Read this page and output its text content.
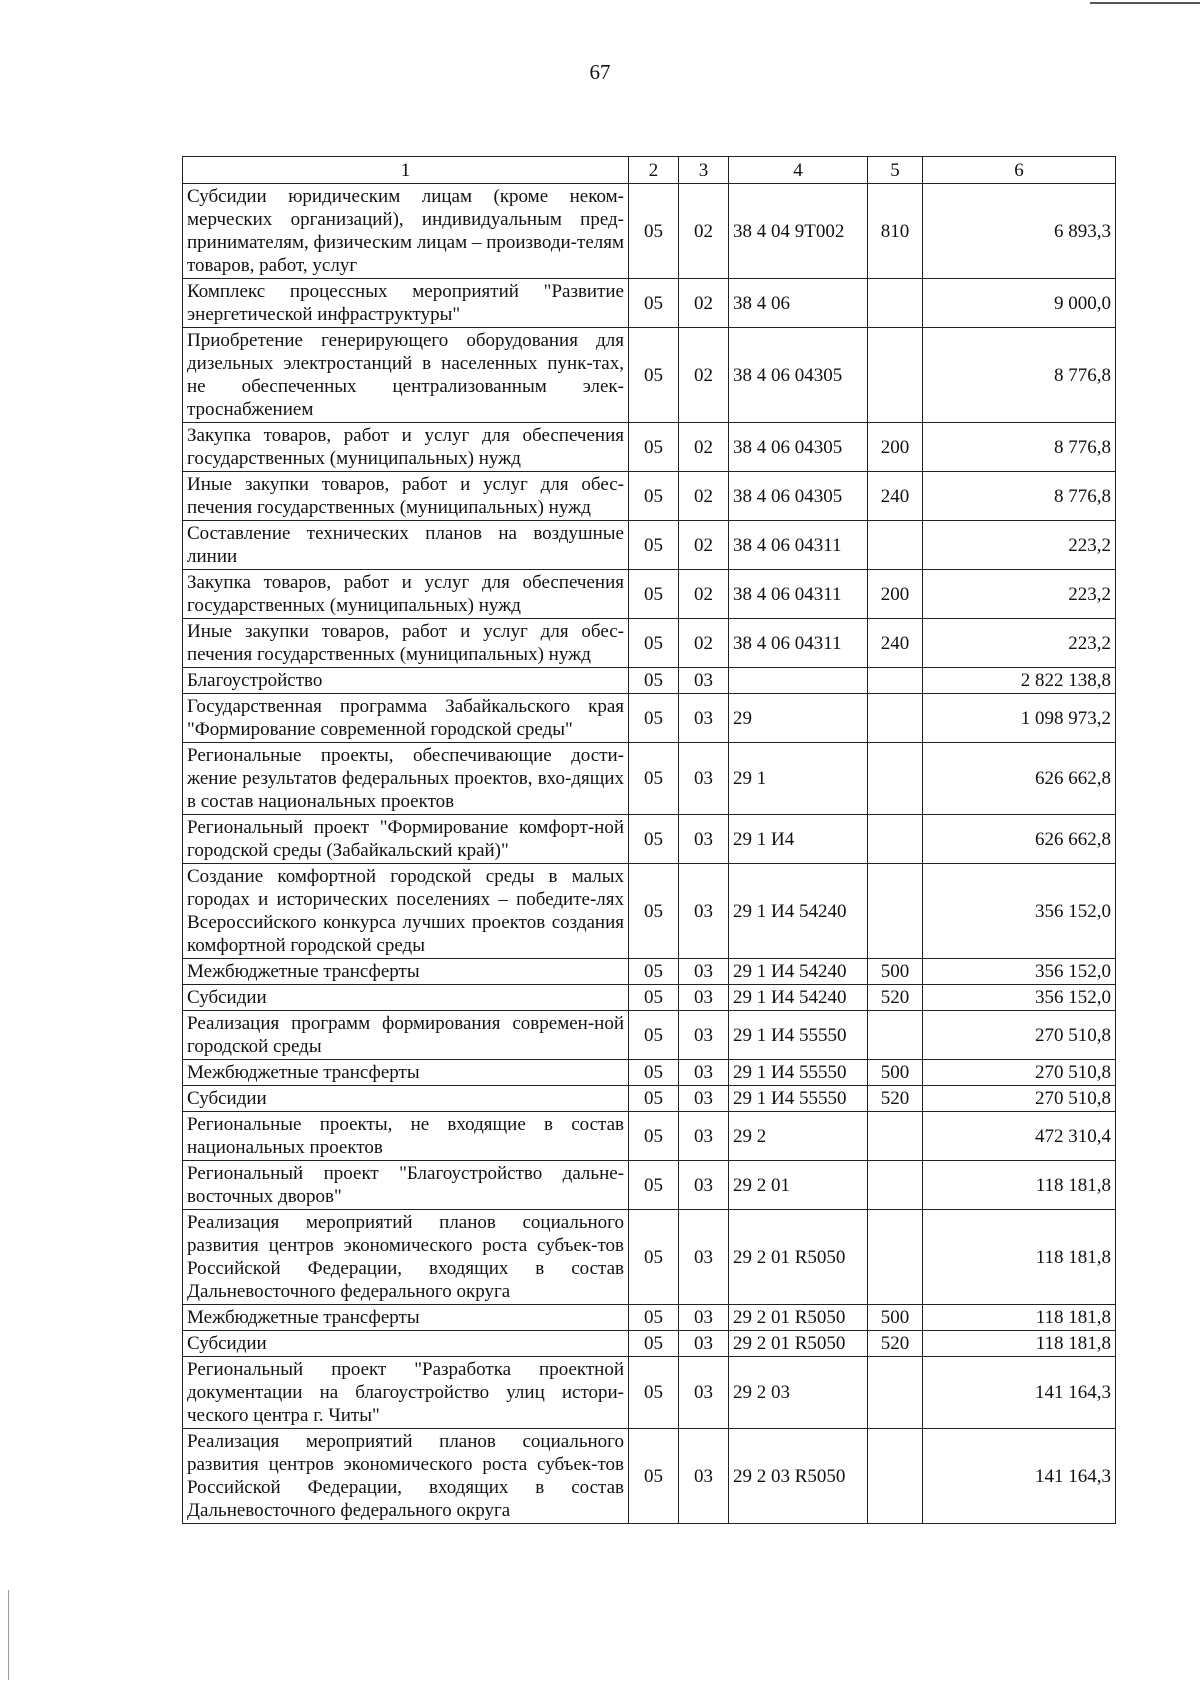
67
1	2	3	4	5	6
Субсидии юридическим лицам (кроме неком-мерческих организаций), индивидуальным пред-принимателям, физическим лицам – производи-телям товаров, работ, услуг	05	02	38 4 04 9Т002	810	6 893,3
Комплекс процессных мероприятий "Развитие энергетической инфраструктуры"	05	02	38 4 06		9 000,0
Приобретение генерирующего оборудования для дизельных электростанций в населенных пунк-тах, не обеспеченных централизованным элек-троснабжением	05	02	38 4 06 04305		8 776,8
Закупка товаров, работ и услуг для обеспечения государственных (муниципальных) нужд	05	02	38 4 06 04305	200	8 776,8
Иные закупки товаров, работ и услуг для обес-печения государственных (муниципальных) нужд	05	02	38 4 06 04305	240	8 776,8
Составление технических планов на воздушные линии	05	02	38 4 06 04311		223,2
Закупка товаров, работ и услуг для обеспечения государственных (муниципальных) нужд	05	02	38 4 06 04311	200	223,2
Иные закупки товаров, работ и услуг для обес-печения государственных (муниципальных) нужд	05	02	38 4 06 04311	240	223,2
Благоустройство	05	03			2 822 138,8
Государственная программа Забайкальского края "Формирование современной городской среды"	05	03	29		1 098 973,2
Региональные проекты, обеспечивающие дости-жение результатов федеральных проектов, вхо-дящих в состав национальных проектов	05	03	29 1		626 662,8
Региональный проект "Формирование комфорт-ной городской среды (Забайкальский край)"	05	03	29 1 И4		626 662,8
Создание комфортной городской среды в малых городах и исторических поселениях – победите-лях Всероссийского конкурса лучших проектов создания комфортной городской среды	05	03	29 1 И4 54240		356 152,0
Межбюджетные трансферты	05	03	29 1 И4 54240	500	356 152,0
Субсидии	05	03	29 1 И4 54240	520	356 152,0
Реализация программ формирования современ-ной городской среды	05	03	29 1 И4 55550		270 510,8
Межбюджетные трансферты	05	03	29 1 И4 55550	500	270 510,8
Субсидии	05	03	29 1 И4 55550	520	270 510,8
Региональные проекты, не входящие в состав национальных проектов	05	03	29 2		472 310,4
Региональный проект "Благоустройство дальне-восточных дворов"	05	03	29 2 01		118 181,8
Реализация мероприятий планов социального развития центров экономического роста субъек-тов Российской Федерации, входящих в состав Дальневосточного федерального округа	05	03	29 2 01 R5050		118 181,8
Межбюджетные трансферты	05	03	29 2 01 R5050	500	118 181,8
Субсидии	05	03	29 2 01 R5050	520	118 181,8
Региональный проект "Разработка проектной документации на благоустройство улиц истори-ческого центра г. Читы"	05	03	29 2 03		141 164,3
Реализация мероприятий планов социального развития центров экономического роста субъек-тов Российской Федерации, входящих в состав Дальневосточного федерального округа	05	03	29 2 03 R5050		141 164,3
